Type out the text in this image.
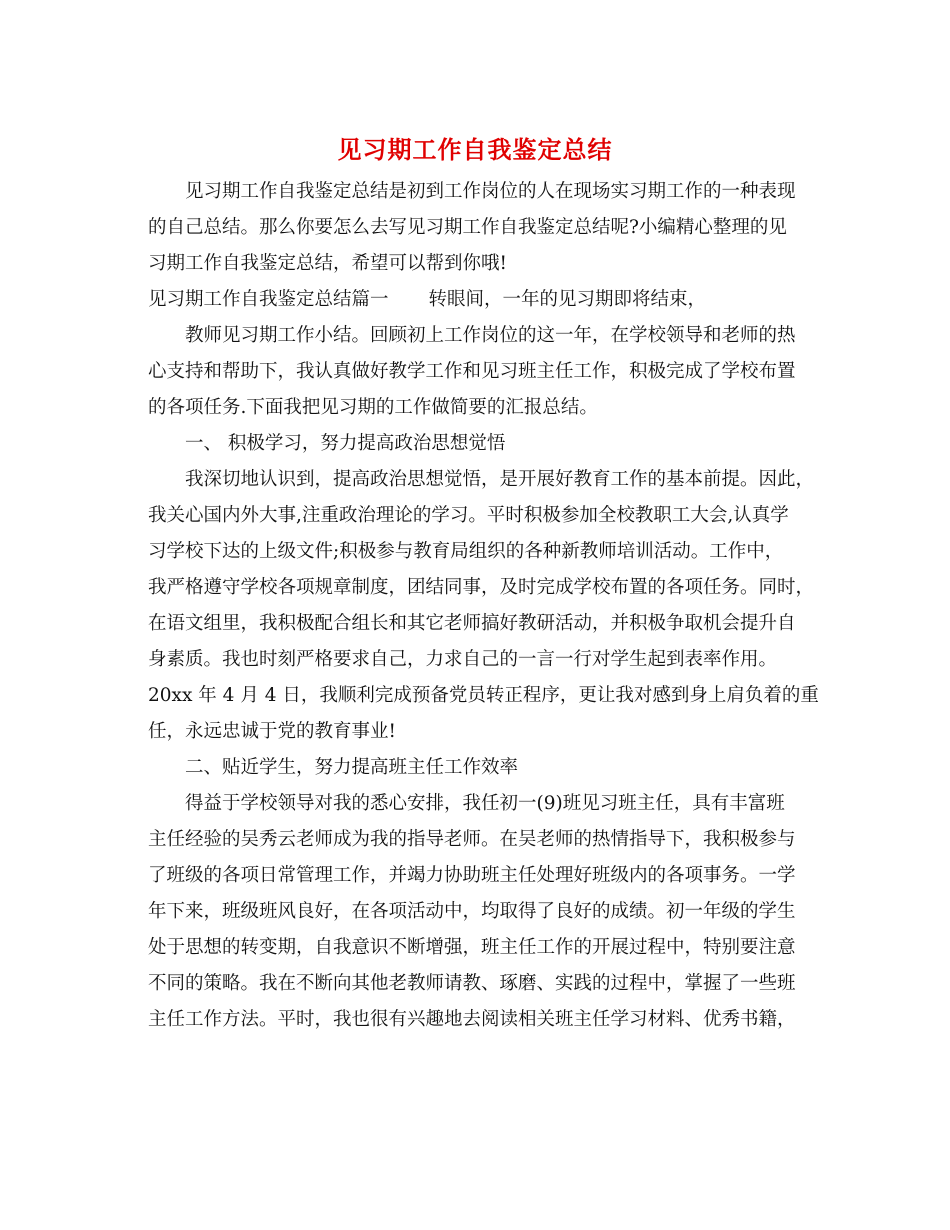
见习期工作自我鉴定总结
见习期工作自我鉴定总结是初到工作岗位的人在现场实习期工作的一种表现
的自己总结。那么你要怎么去写见习期工作自我鉴定总结呢?小编精心整理的见
习期工作自我鉴定总结，希望可以帮到你哦!
见习期工作自我鉴定总结篇一 转眼间，一年的见习期即将结束，
教师见习期工作小结。回顾初上工作岗位的这一年，在学校领导和老师的热
心支持和帮助下，我认真做好教学工作和见习班主任工作，积极完成了学校布置
的各项任务.下面我把见习期的工作做简要的汇报总结。
一、 积极学习，努力提高政治思想觉悟
我深切地认识到，提高政治思想觉悟，是开展好教育工作的基本前提。因此，
我关心国内外大事,注重政治理论的学习。平时积极参加全校教职工大会,认真学
习学校下达的上级文件;积极参与教育局组织的各种新教师培训活动。工作中，
我严格遵守学校各项规章制度，团结同事，及时完成学校布置的各项任务。同时，
在语文组里，我积极配合组长和其它老师搞好教研活动，并积极争取机会提升自
身素质。我也时刻严格要求自己，力求自己的一言一行对学生起到表率作用。
20xx 年 4 月 4 日，我顺利完成预备党员转正程序，更让我对感到身上肩负着的重
任，永远忠诚于党的教育事业!
二、贴近学生，努力提高班主任工作效率
得益于学校领导对我的悉心安排，我任初一(9)班见习班主任，具有丰富班
主任经验的吴秀云老师成为我的指导老师。在吴老师的热情指导下，我积极参与
了班级的各项日常管理工作，并竭力协助班主任处理好班级内的各项事务。一学
年下来，班级班风良好，在各项活动中，均取得了良好的成绩。初一年级的学生
处于思想的转变期，自我意识不断增强，班主任工作的开展过程中，特别要注意
不同的策略。我在不断向其他老教师请教、琢磨、实践的过程中，掌握了一些班
主任工作方法。平时，我也很有兴趣地去阅读相关班主任学习材料、优秀书籍，
